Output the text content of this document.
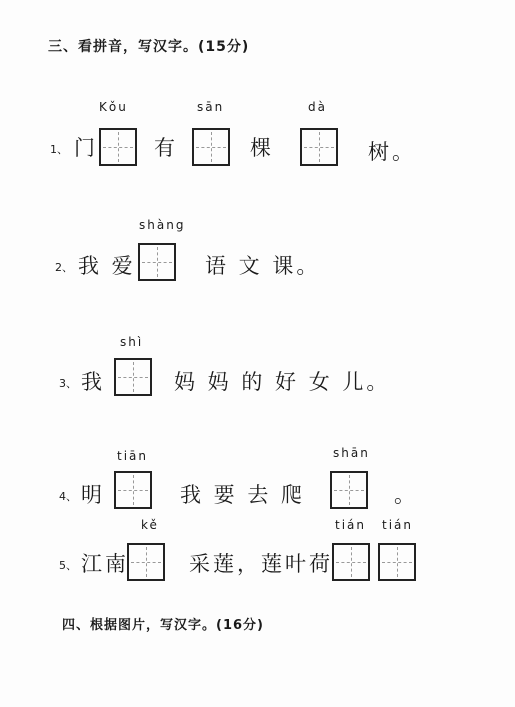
三、看拼音，写汉字。(15分)
1、 门
Kǒu
有
sān
棵
dà
树。
2、 我 爱
shàng
语 文 课。
3、 我
shì
妈 妈 的 好 女 儿。
4、 明
tiān
我 要 去 爬
shān
。
5、 江南
kě
采莲，莲叶荷
tián tián
四、根据图片，写汉字。(16分)
